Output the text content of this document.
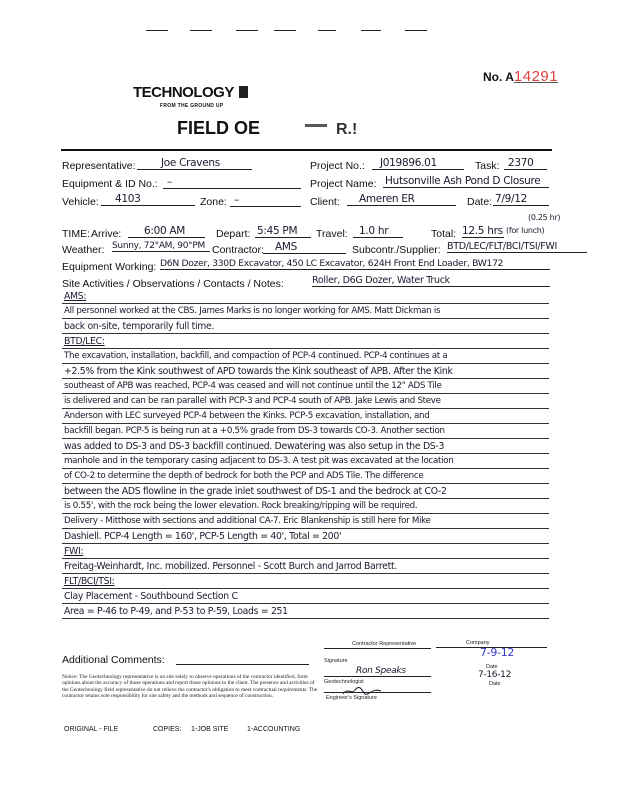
TECHNOLOGY
FROM THE GROUND UP
No. A14291
FIELD OE	R.!
Representative:	Joe Cravens	Project No.:	J019896.01	Task: 2370
Equipment & ID No.: –	Project Name: Hutsonville Ash Pond D Closure
Vehicle:	4103	Zone: –	Client:	Ameren ER	Date: 7/9/12
TIME: Arrive:	6:00 AM	Depart: 5:45 PM	Travel:	1.0 hr	Total: 12.5 hrs
(0.25 hr)
(for lunch)
Weather: Sunny, 72°AM, 90°PM Contractor:	AMS	Subcontr./Supplier: BTD/LEC/FLT/BCI/TSI/FWI
Equipment Working: D6N Dozer, 330D Excavator, 450 LC Excavator, 624H Front End Loader, BW172
Site Activities / Observations / Contacts / Notes:	Roller, D6G Dozer, Water Truck
AMS:
All personnel worked at the CBS. James Marks is no longer working for AMS. Matt Dickman is
back on-site, temporarily full time.
BTD/LEC:
The excavation, installation, backfill, and compaction of PCP-4 continued. PCP-4 continues at a
+2.5% from the Kink southwest of APD towards the Kink southeast of APB. After the Kink
southeast of APB was reached, PCP-4 was ceased and will not continue until the 12" ADS Tile
is delivered and can be ran parallel with PCP-3 and PCP-4 south of APB. Jake Lewis and Steve
Anderson with LEC surveyed PCP-4 between the Kinks. PCP-5 excavation, installation, and
backfill began. PCP-5 is being run at a +0.5% grade from DS-3 towards CO-3. Another section
was added to DS-3 and DS-3 backfill continued. Dewatering was also setup in the DS-3
manhole and in the temporary casing adjacent to DS-3. A test pit was excavated at the location
of CO-2 to determine the depth of bedrock for both the PCP and ADS Tile. The difference
between the ADS flowline in the grade inlet southwest of DS-1 and the bedrock at CO-2
is 0.55', with the rock being the lower elevation. Rock breaking/ripping will be required.
Delivery - Mitthose with sections and additional CA-7. Eric Blankenship is still here for Mike
Dashiell. PCP-4 Length = 160', PCP-5 Length = 40', Total = 200'
FWI:
Freitag-Weinhardt, Inc. mobilized. Personnel - Scott Burch and Jarrod Barrett.
FLT/BCI/TSI:
Clay Placement - Southbound Section C
Area = P-46 to P-49, and P-53 to P-59, Loads = 251
Additional Comments:
Contractor Representative	Company
7-9-12
Signature
Ron Speaks	Date
7-16-12
Geotechnologist	Date
Engineer's Signature
Notice: The Geotechnology representative is on site solely to observe operations of the contractor identified, form opinions about the accuracy of those operations and report those opinions to the client. The presence and activities of the Geotechnology field representative do not relieve the contractor's obligation to meet contractual requirements. The contractor retains sole responsibility for site safety and the methods and sequence of construction.
ORIGINAL - FILE	COPIES: 1-JOB SITE	1-ACCOUNTING
